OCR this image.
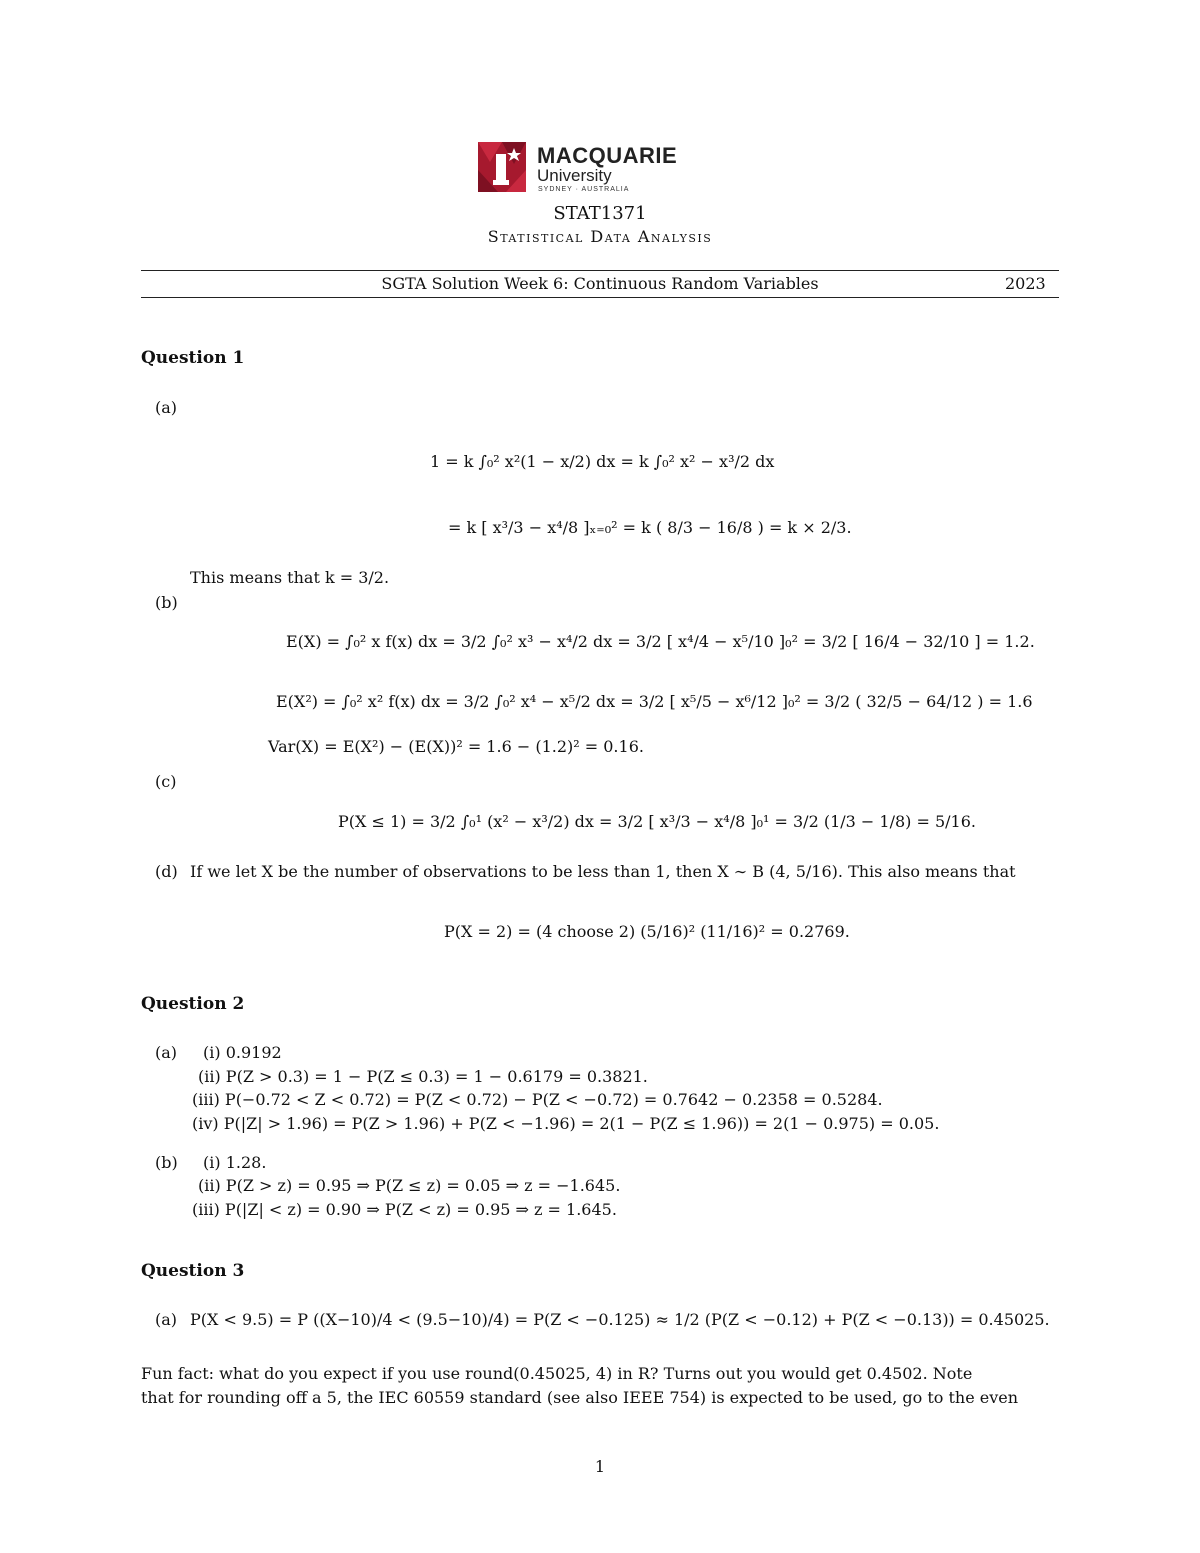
MACQUARIE
University
SYDNEY · AUSTRALIA
STAT1371
Statistical Data Analysis
SGTA Solution Week 6: Continuous Random Variables	2023
Question 1
(a)
1 = k ∫₀² x²(1 − x/2) dx = k ∫₀² x² − x³/2 dx
= k [ x³/3 − x⁴/8 ]ₓ₌₀² = k ( 8/3 − 16/8 ) = k × 2/3.
This means that k = 3/2.
(b)
E(X) = ∫₀² x f(x) dx = 3/2 ∫₀² x³ − x⁴/2 dx = 3/2 [ x⁴/4 − x⁵/10 ]₀² = 3/2 [ 16/4 − 32/10 ] = 1.2.
E(X²) = ∫₀² x² f(x) dx = 3/2 ∫₀² x⁴ − x⁵/2 dx = 3/2 [ x⁵/5 − x⁶/12 ]₀² = 3/2 ( 32/5 − 64/12 ) = 1.6
Var(X) = E(X²) − (E(X))² = 1.6 − (1.2)² = 0.16.
(c)
P(X ≤ 1) = 3/2 ∫₀¹ (x² − x³/2) dx = 3/2 [ x³/3 − x⁴/8 ]₀¹ = 3/2 (1/3 − 1/8) = 5/16.
(d) If we let X be the number of observations to be less than 1, then X ∼ B (4, 5/16). This also means that
P(X = 2) = (4 choose 2) (5/16)² (11/16)² = 0.2769.
Question 2
(a) (i) 0.9192
(ii) P(Z > 0.3) = 1 − P(Z ≤ 0.3) = 1 − 0.6179 = 0.3821.
(iii) P(−0.72 < Z < 0.72) = P(Z < 0.72) − P(Z < −0.72) = 0.7642 − 0.2358 = 0.5284.
(iv) P(|Z| > 1.96) = P(Z > 1.96) + P(Z < −1.96) = 2(1 − P(Z ≤ 1.96)) = 2(1 − 0.975) = 0.05.
(b) (i) 1.28.
(ii) P(Z > z) = 0.95 ⇒ P(Z ≤ z) = 0.05 ⇒ z = −1.645.
(iii) P(|Z| < z) = 0.90 ⇒ P(Z < z) = 0.95 ⇒ z = 1.645.
Question 3
(a) P(X < 9.5) = P ((X−10)/4 < (9.5−10)/4) = P(Z < −0.125) ≈ 1/2 (P(Z < −0.12) + P(Z < −0.13)) = 0.45025.
Fun fact: what do you expect if you use round(0.45025, 4) in R? Turns out you would get 0.4502. Note
that for rounding off a 5, the IEC 60559 standard (see also IEEE 754) is expected to be used, go to the even
1
